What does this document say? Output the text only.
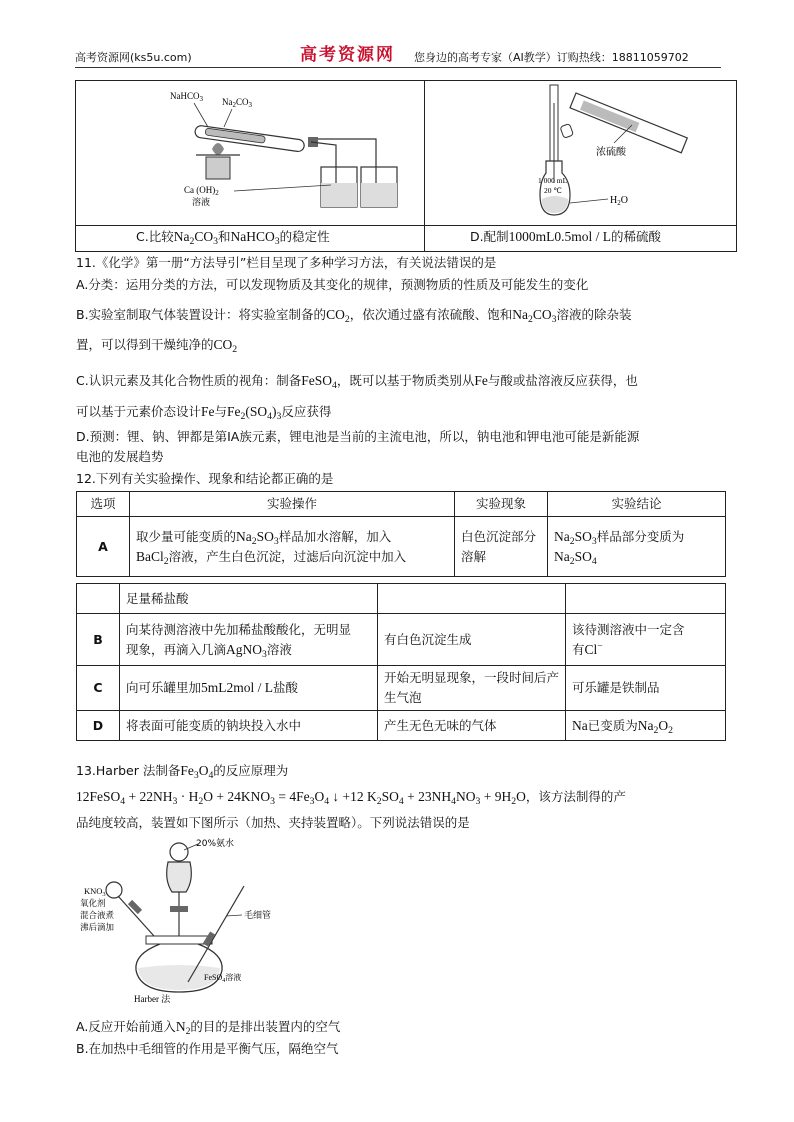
高考资源网(ks5u.com)	高考资源网 您身边的高考专家（AI教学）订购热线：18811059702
NaHCO$_3$ $Na_2CO_3$
Ca $(OH)_2$
溶液
浓硫酸
1 000 mL
20 ℃
$H_2O$
C.比较$Na_2CO_3$和NaHCO$_3$的稳定性	D.配制1000mL0.5mol / L的稀硫酸
11.《化学》第一册“方法导引”栏目呈现了多种学习方法，有关说法错误的是
A.分类：运用分类的方法，可以发现物质及其变化的规律，预测物质的性质及可能发生的变化
B.实验室制取气体装置设计：将实验室制备的$CO_2$，依次通过盛有浓硫酸、饱和$Na_2CO_3$溶液的除杂装
置，可以得到干燥纯净的$CO_2$
C.认识元素及其化合物性质的视角：制备FeSO$_4$，既可以基于物质类别从Fe与酸或盐溶液反应获得，也
可以基于元素价态设计Fe与$Fe_2(SO_4)_3$反应获得
D.预测：锂、钠、钾都是第ⅠA族元素，锂电池是当前的主流电池，所以，钠电池和钾电池可能是新能源
电池的发展趋势
12.下列有关实验操作、现象和结论都正确的是
选项	实验操作	实验现象	实验结论
A	取少量可能变质的$Na_2SO_3$样品加水溶解，加入
BaCl$_2$溶液，产生白色沉淀，过滤后向沉淀中加入	白色沉淀部分溶解	$Na_2SO_3$样品部分变质为
$Na_2SO_4$
	足量稀盐酸		
B	向某待测溶液中先加稀盐酸酸化，无明显
现象，再滴入几滴AgNO$_3$溶液	有白色沉淀生成	该待测溶液中一定含
有Cl−
C	向可乐罐里加5mL2mol / L盐酸	开始无明显现象，一段时间后产生气泡	可乐罐是铁制品
D	将表面可能变质的钠块投入水中	产生无色无味的气体	Na已变质为$Na_2O_2$
13.Harber 法制备$Fe_3O_4$的反应原理为
12FeSO$_4$ + $22NH_3 \cdot H_2O + 24KNO_3 = 4Fe_3O_4$ ↓ +12 $K_2SO_4 + 23NH_4NO_3 + 9H_2O$，该方法制得的产
品纯度较高，装置如下图所示（加热、夹持装置略）。下列说法错误的是
20%氨水
$KNO_3$
氧化剂
混合液煮
沸后滴加
毛细管
FeSO$_4$溶液
Harber 法
A.反应开始前通入$N_2$的目的是排出装置内的空气
B.在加热中毛细管的作用是平衡气压，隔绝空气
